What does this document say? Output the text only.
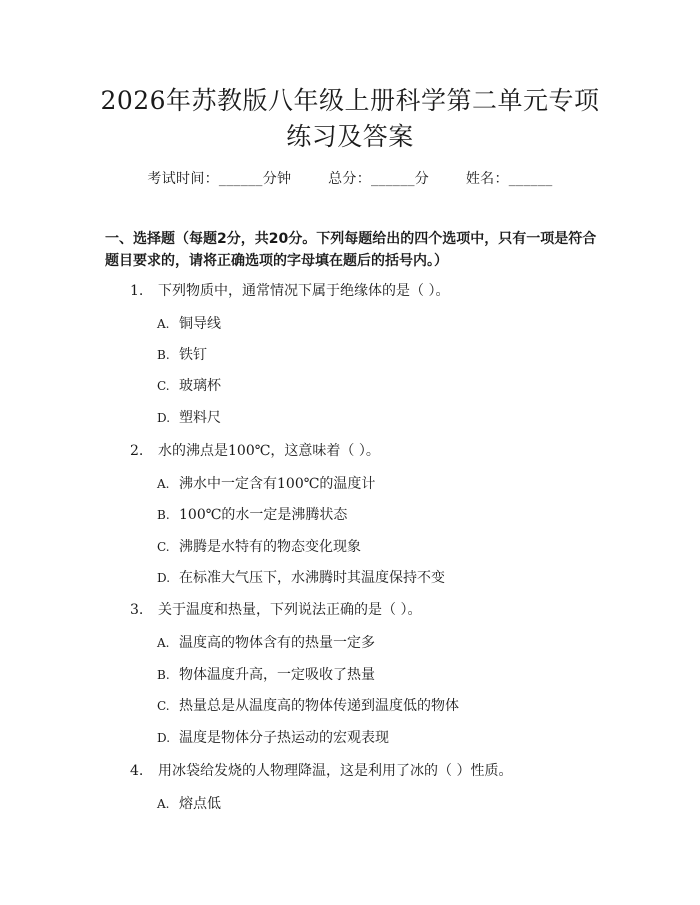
2026年苏教版八年级上册科学第二单元专项
练习及答案
考试时间：______分钟	总分：______分	姓名：______
一、选择题（每题2分，共20分。下列每题给出的四个选项中，只有一项是符合题目要求的，请将正确选项的字母填在题后的括号内。）
1. 下列物质中，通常情况下属于绝缘体的是（ ）。
A. 铜导线
B. 铁钉
C. 玻璃杯
D. 塑料尺
2. 水的沸点是100℃，这意味着（ ）。
A. 沸水中一定含有100℃的温度计
B. 100℃的水一定是沸腾状态
C. 沸腾是水特有的物态变化现象
D. 在标准大气压下，水沸腾时其温度保持不变
3. 关于温度和热量，下列说法正确的是（ ）。
A. 温度高的物体含有的热量一定多
B. 物体温度升高，一定吸收了热量
C. 热量总是从温度高的物体传递到温度低的物体
D. 温度是物体分子热运动的宏观表现
4. 用冰袋给发烧的人物理降温，这是利用了冰的（ ）性质。
A. 熔点低
